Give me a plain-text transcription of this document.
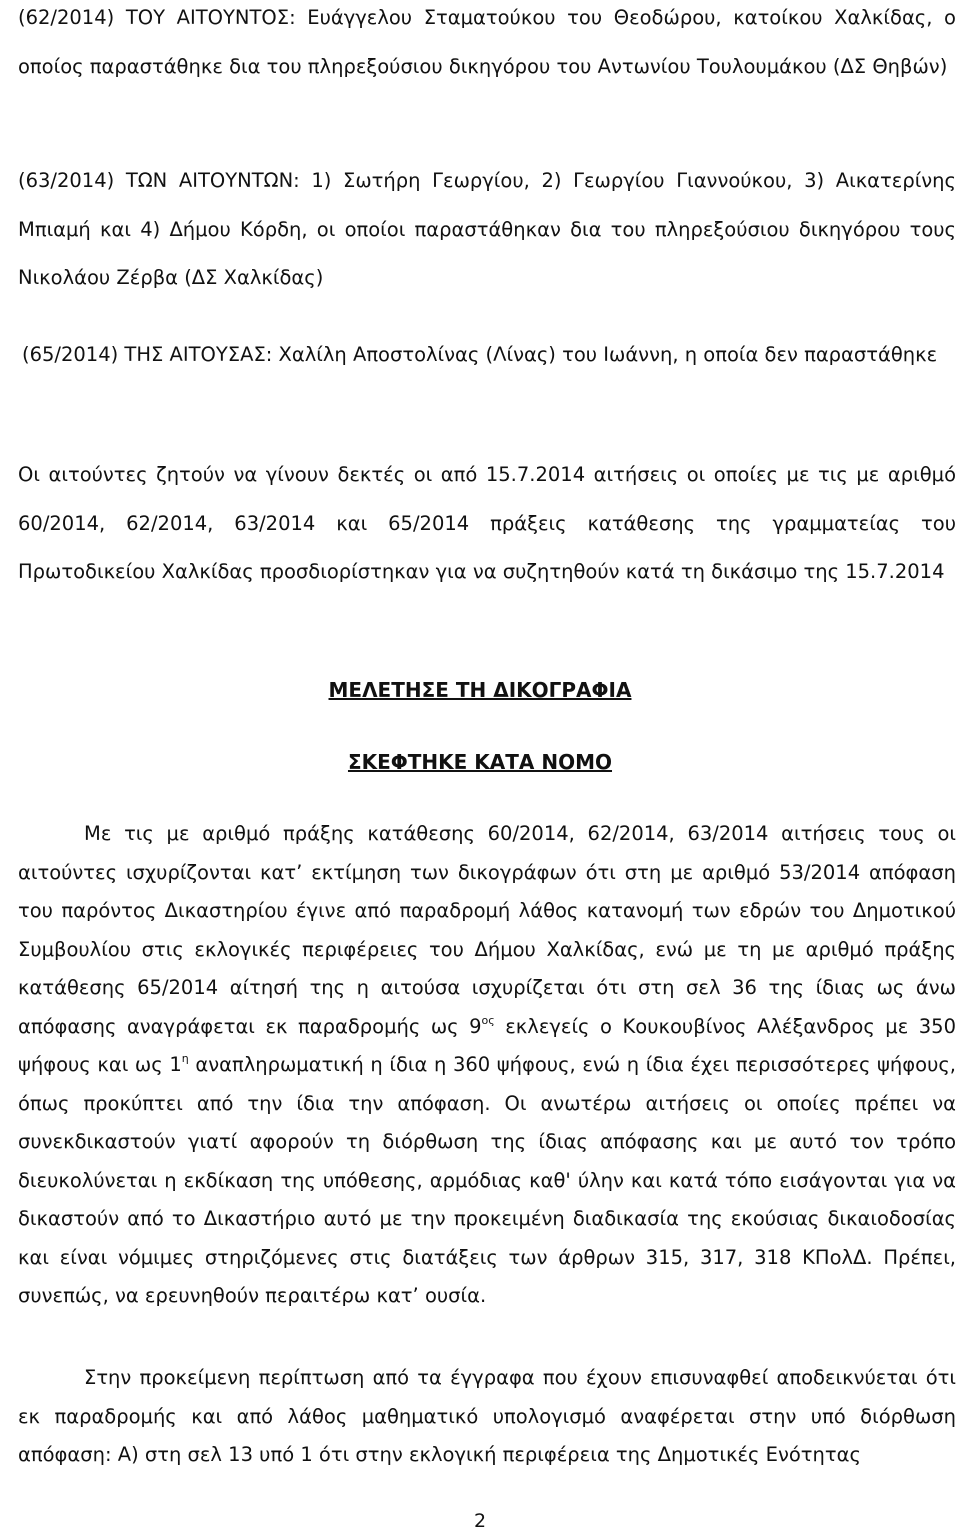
(62/2014) ΤΟΥ ΑΙΤΟΥΝΤΟΣ: Ευάγγελου Σταματούκου του Θεοδώρου, κατοίκου Χαλκίδας, ο οποίος παραστάθηκε δια του πληρεξούσιου δικηγόρου του Αντωνίου Τουλουμάκου (ΔΣ Θηβών)

(63/2014) ΤΩΝ ΑΙΤΟΥΝΤΩΝ: 1) Σωτήρη Γεωργίου, 2) Γεωργίου Γιαννούκου, 3) Αικατερίνης Μπιαμή και 4) Δήμου Κόρδη, οι οποίοι παραστάθηκαν δια του πληρεξούσιου δικηγόρου τους Νικολάου Ζέρβα (ΔΣ Χαλκίδας)

(65/2014) ΤΗΣ ΑΙΤΟΥΣΑΣ: Χαλίλη Αποστολίνας (Λίνας) του Ιωάννη, η οποία δεν παραστάθηκε

Οι αιτούντες ζητούν να γίνουν δεκτές οι από 15.7.2014 αιτήσεις οι οποίες με τις με αριθμό 60/2014, 62/2014, 63/2014 και 65/2014 πράξεις κατάθεσης της γραμματείας του Πρωτοδικείου Χαλκίδας προσδιορίστηκαν για να συζητηθούν κατά τη δικάσιμο της 15.7.2014

ΜΕΛΕΤΗΣΕ ΤΗ ΔΙΚΟΓΡΑΦΙΑ
ΣΚΕΦΤΗΚΕ ΚΑΤΑ ΝΟΜΟ

Με τις με αριθμό πράξης κατάθεσης 60/2014, 62/2014, 63/2014 αιτήσεις τους οι αιτούντες ισχυρίζονται κατ’ εκτίμηση των δικογράφων ότι στη με αριθμό 53/2014 απόφαση του παρόντος Δικαστηρίου έγινε από παραδρομή λάθος κατανομή των εδρών του Δημοτικού Συμβουλίου στις εκλογικές περιφέρειες του Δήμου Χαλκίδας, ενώ με τη με αριθμό πράξης κατάθεσης 65/2014 αίτησή της η αιτούσα ισχυρίζεται ότι στη σελ 36 της ίδιας ως άνω απόφασης αναγράφεται εκ παραδρομής ως $9^{o\varsigma}$ εκλεγείς ο Κουκουβίνος Αλέξανδρος με 350 ψήφους και ως $1^\eta$ αναπληρωματική η ίδια η 360 ψήφους, ενώ η ίδια έχει περισσότερες ψήφους, όπως προκύπτει από την ίδια την απόφαση. Οι ανωτέρω αιτήσεις οι οποίες πρέπει να συνεκδικαστούν γιατί αφορούν τη διόρθωση της ίδιας απόφασης και με αυτό τον τρόπο διευκολύνεται η εκδίκαση της υπόθεσης, αρμόδιας καθ' ύλην και κατά τόπο εισάγονται για να δικαστούν από το Δικαστήριο αυτό με την προκειμένη διαδικασία της εκούσιας δικαιοδοσίας και είναι νόμιμες στηριζόμενες στις διατάξεις των άρθρων 315, 317, 318 ΚΠολΔ. Πρέπει, συνεπώς, να ερευνηθούν περαιτέρω κατ’ ουσία.

Στην προκείμενη περίπτωση από τα έγγραφα που έχουν επισυναφθεί αποδεικνύεται ότι εκ παραδρομής και από λάθος μαθηματικό υπολογισμό αναφέρεται στην υπό διόρθωση απόφαση: Α) στη σελ 13 υπό 1 ότι στην εκλογική περιφέρεια της Δημοτικές Ενότητας

2
